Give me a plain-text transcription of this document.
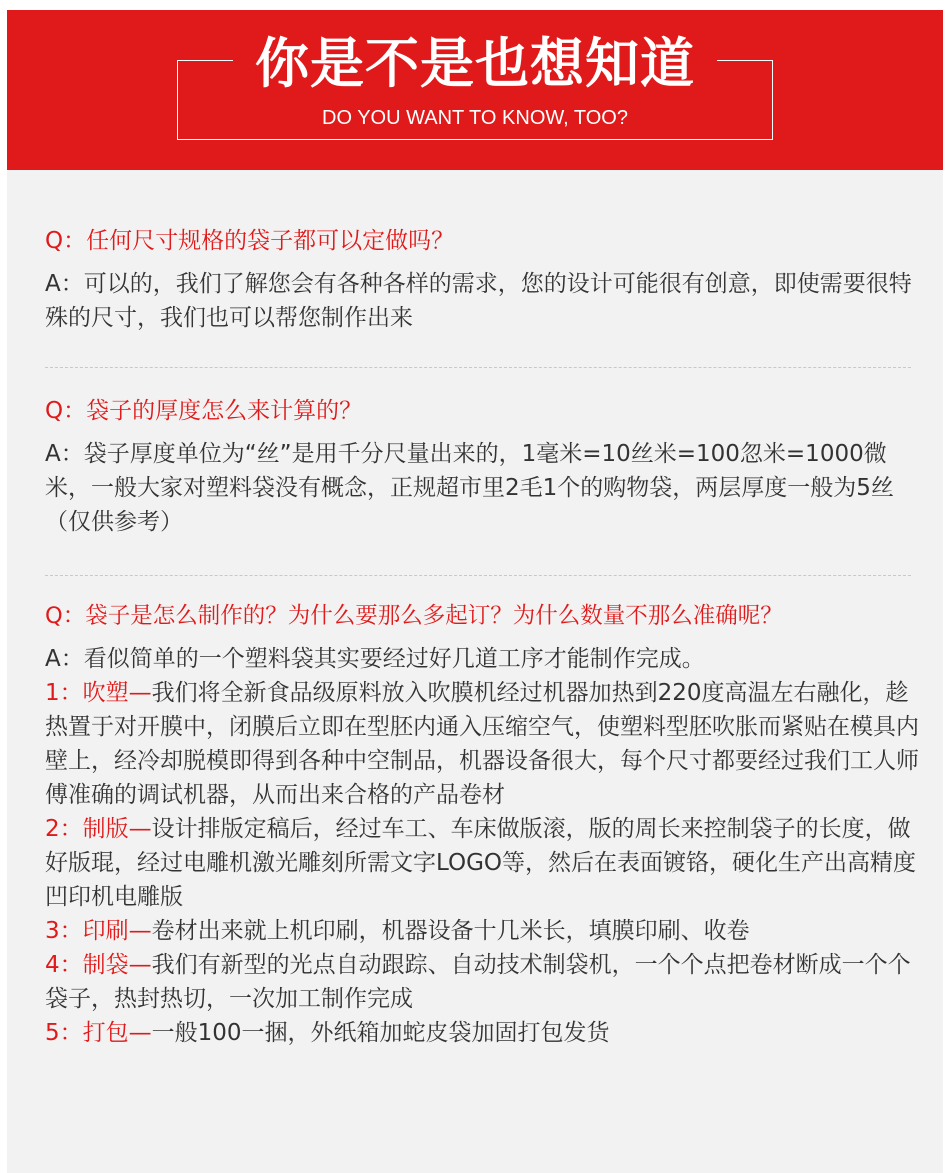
你是不是也想知道
DO YOU WANT TO KNOW, TOO?
Q：任何尺寸规格的袋子都可以定做吗？
A：可以的，我们了解您会有各种各样的需求，您的设计可能很有创意，即使需要很特殊的尺寸，我们也可以帮您制作出来
Q：袋子的厚度怎么来计算的？
A：袋子厚度单位为“丝”是用千分尺量出来的，1毫米=10丝米=100忽米=1000微米，一般大家对塑料袋没有概念，正规超市里2毛1个的购物袋，两层厚度一般为5丝（仅供参考）
Q：袋子是怎么制作的？为什么要那么多起订？为什么数量不那么准确呢？

A：看似简单的一个塑料袋其实要经过好几道工序才能制作完成。

1：吹塑—我们将全新食品级原料放入吹膜机经过机器加热到220度高温左右融化，趁热置于对开膜中，闭膜后立即在型胚内通入压缩空气，使塑料型胚吹胀而紧贴在模具内壁上，经冷却脱模即得到各种中空制品，机器设备很大，每个尺寸都要经过我们工人师傅准确的调试机器，从而出来合格的产品卷材

2：制版—设计排版定稿后，经过车工、车床做版滚，版的周长来控制袋子的长度，做好版琨，经过电雕机激光雕刻所需文字LOGO等，然后在表面镀铬，硬化生产出高精度凹印机电雕版

3：印刷—卷材出来就上机印刷，机器设备十几米长，填膜印刷、收卷

4：制袋—我们有新型的光点自动跟踪、自动技术制袋机，一个个点把卷材断成一个个袋子，热封热切，一次加工制作完成

5：打包—一般100一捆，外纸箱加蛇皮袋加固打包发货
